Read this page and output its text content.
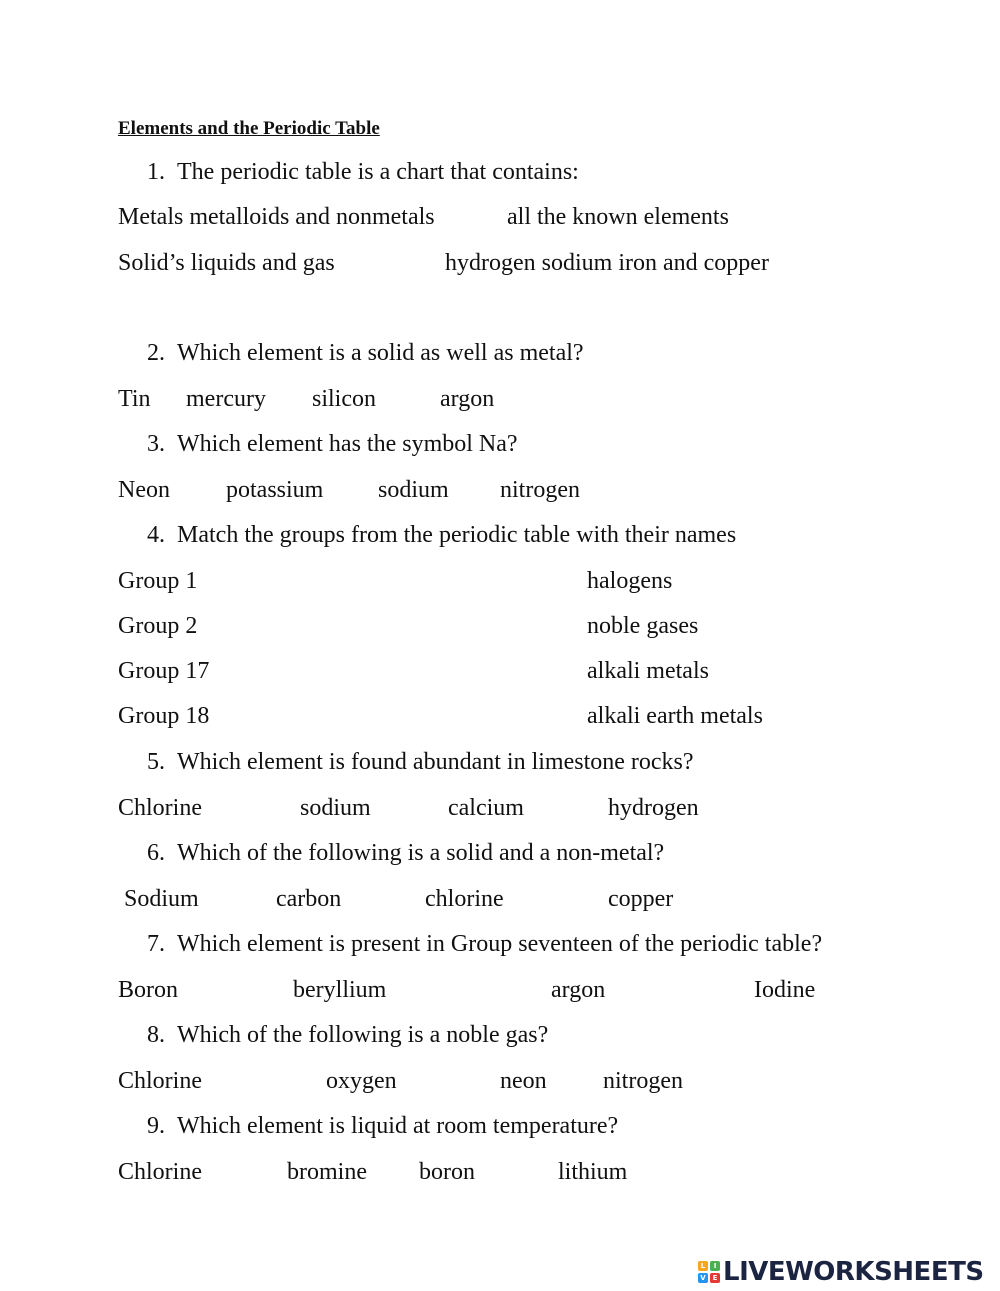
Elements and the Periodic Table
1. The periodic table is a chart that contains:
Metals metalloids and nonmetals	all the known elements
Solid’s liquids and gas	hydrogen sodium iron and copper
2. Which element is a solid as well as metal?
Tin mercury silicon	argon
3. Which element has the symbol Na?
Neon potassium sodium nitrogen
4. Match the groups from the periodic table with their names
Group 1	halogens
Group 2	noble gases
Group 17	alkali metals
Group 18	alkali earth metals
5. Which element is found abundant in limestone rocks?
Chlorine	sodium	calcium	hydrogen
6. Which of the following is a solid and a non-metal?
Sodium	carbon	chlorine	copper
7. Which element is present in Group seventeen of the periodic table?
Boron	beryllium	argon	Iodine
8. Which of the following is a noble gas?
Chlorine	oxygen	neon nitrogen
9. Which element is liquid at room temperature?
Chlorine	bromine boron	lithium
L	I
V E LIVEWORKSHEETS
